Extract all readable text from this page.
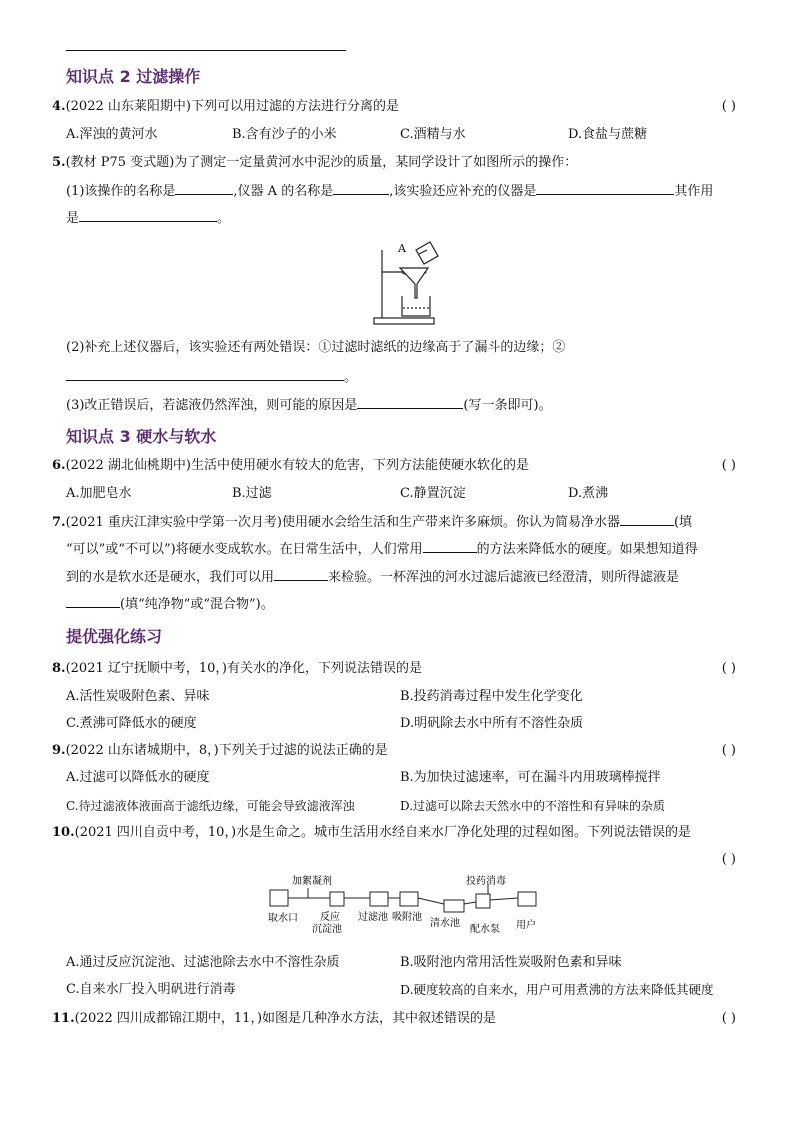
知识点 2 过滤操作
4.(2022 山东莱阳期中)下列可以用过滤的方法进行分离的是	( )
A.浑浊的黄河水	B.含有沙子的小米	C.酒精与水	D.食盐与蔗糖
5.(教材 P75 变式题)为了测定一定量黄河水中泥沙的质量，某同学设计了如图所示的操作：
(1)该操作的名称是	,仪器 A 的名称是	,该实验还应补充的仪器是	其作用
是	。
A
(2)补充上述仪器后，该实验还有两处错误：①过滤时滤纸的边缘高于了漏斗的边缘；②
。
(3)改正错误后，若滤液仍然浑浊，则可能的原因是	(写一条即可)。
知识点 3 硬水与软水
6.(2022 湖北仙桃期中)生活中使用硬水有较大的危害，下列方法能使硬水软化的是	( )
A.加肥皂水	B.过滤	C.静置沉淀	D.煮沸
7.(2021 重庆江津实验中学第一次月考)使用硬水会给生活和生产带来许多麻烦。你认为简易净水器	(填
“可以”或“不可以”)将硬水变成软水。在日常生活中，人们常用	的方法来降低水的硬度。如果想知道得
到的水是软水还是硬水，我们可以用	来检验。一杯浑浊的河水过滤后滤液已经澄清，则所得滤液是
(填“纯净物”或“混合物”)。
提优强化练习
8.(2021 辽宁抚顺中考，10，)有关水的净化，下列说法错误的是	( )
A.活性炭吸附色素、异味	B.投药消毒过程中发生化学变化
C.煮沸可降低水的硬度	D.明矾除去水中所有不溶性杂质
9.(2022 山东诸城期中，8，)下列关于过滤的说法正确的是	( )
A.过滤可以降低水的硬度	B.为加快过滤速率，可在漏斗内用玻璃棒搅拌
C.待过滤液体液面高于滤纸边缘，可能会导致滤液浑浊	D.过滤可以除去天然水中的不溶性和有异味的杂质
10.(2021 四川自贡中考，10，)水是生命之。城市生活用水经自来水厂净化处理的过程如图。下列说法错误的是
( )
加絮凝剂
取水口 反应
沉淀池
过滤池 吸附池
清水池
投药消毒
配水泵 用户
A.通过反应沉淀池、过滤池除去水中不溶性杂质	B.吸附池内常用活性炭吸附色素和异味
C.自来水厂投入明矾进行消毒	D.硬度较高的自来水，用户可用煮沸的方法来降低其硬度
11.(2022 四川成都锦江期中，11，)如图是几种净水方法，其中叙述错误的是	( )
